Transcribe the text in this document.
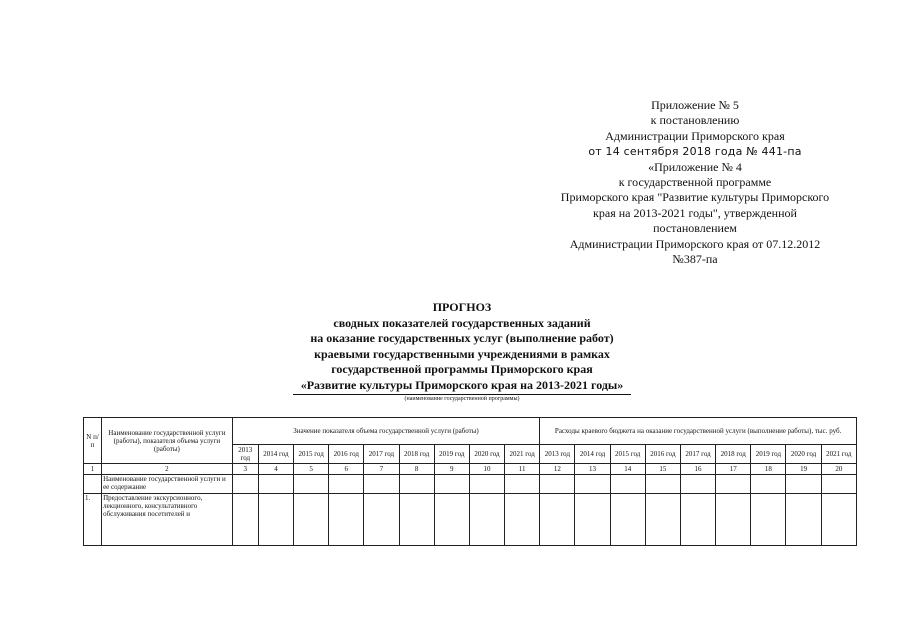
Приложение № 5
к постановлению
Администрации Приморского края
от 14 сентября 2018 года № 441-па
«Приложение № 4
к государственной программе
Приморского края "Развитие культуры Приморского
края на 2013-2021 годы", утвержденной
постановлением
Администрации Приморского края от 07.12.2012
№387-па
ПРОГНОЗ
сводных показателей государственных заданий
на оказание государственных услуг (выполнение работ)
краевыми государственными учреждениями в рамках
государственной программы Приморского края
«Развитие культуры Приморского края на 2013-2021 годы»
(наименование государственной программы)
N п/п	Наименование государственной услуги (работы), показателя объема услуги (работы)	Значение показателя объема государственной услуги (работы)									Расходы краевого бюджета на оказание государственной услуги (выполнение работы), тыс. руб.								
		2013 год	2014 год	2015 год	2016 год	2017 год	2018 год	2019 год	2020 год	2021 год	2013 год	2014 год	2015 год	2016 год	2017 год	2018 год	2019 год	2020 год	2021 год
1	2	3	4	5	6	7	8	9	10	11	12	13	14	15	16	17	18	19	20
	Наименование государственной услуги и ее содержание																		
1.	Предоставление экскурсионного, лекционного, консультативного обслуживания посетителей и																		
